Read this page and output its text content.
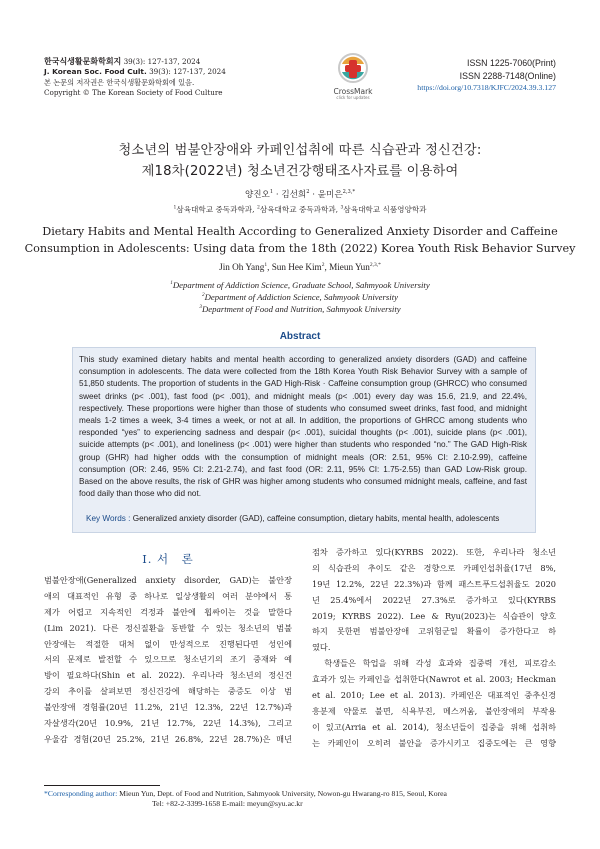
한국식생활문화학회지 39(3): 127-137, 2024
J. Korean Soc. Food Cult. 39(3): 127-137, 2024
본 논문의 저작권은 한국식생활문화학회에 있음.
Copyright © The Korean Society of Food Culture	CrossMark
click for updates
ISSN 1225-7060(Print)
ISSN 2288-7148(Online)
https://doi.org/10.7318/KJFC/2024.39.3.127
청소년의 범불안장애와 카페인섭취에 따른 식습관과 정신건강:
제18차(2022년) 청소년건강행태조사자료를 이용하여
양진오$^1$ · 김선희$^2$ · 윤미은$^{2,3,*}$
$^1$삼육대학교 중독과학과, $^2$삼육대학교 중독과학과, $^3$삼육대학교 식품영양학과
Dietary Habits and Mental Health According to Generalized Anxiety Disorder and Caffeine
Consumption in Adolescents: Using data from the 18th (2022) Korea Youth Risk Behavior Survey
Jin Oh Yang$^1$, Sun Hee Kim$^2$, Mieun Yun$^{2,3,*}$
$^1$Department of Addiction Science, Graduate School, Sahmyook University
$^2$Department of Addiction Science, Sahmyook University
$^3$Department of Food and Nutrition, Sahmyook University
Abstract
This study examined dietary habits and mental health according to generalized anxiety disorders (GAD) and caffeine
consumption in adolescents. The data were collected from the 18th Korea Youth Risk Behavior Survey with a sample of
51,850 students. The proportion of students in the GAD High-Risk · Caffeine consumption group (GHRCC) who consumed
sweet drinks (p< .001), fast food (p< .001), and midnight meals (p< .001) every day was 15.6, 21.9, and 22.4%,
respectively. These proportions were higher than those of students who consumed sweet drinks, fast food, and midnight
meals 1-2 times a week, 3-4 times a week, or not at all. In addition, the proportions of GHRCC among students who
responded “yes” to experiencing sadness and despair (p< .001), suicidal thoughts (p< .001), suicide plans (p< .001),
suicide attempts (p< .001), and loneliness (p< .001) were higher than students who responded “no.” The GAD High-Risk
group (GHR) had higher odds with the consumption of midnight meals (OR: 2.51, 95% CI: 2.10-2.99), caffeine
consumption (OR: 2.46, 95% CI: 2.21-2.74), and fast food (OR: 2.11, 95% CI: 1.75-2.55) than GAD Low-Risk group.
Based on the above results, the risk of GHR was higher among students who consumed midnight meals, caffeine, and fast
food daily than those who did not.
Key Words : Generalized anxiety disorder (GAD), caffeine consumption, dietary habits, mental health, adolescents
Ⅰ. 서　론
범불안장애(Generalized anxiety disorder, GAD)는 불안장
애의 대표적인 유형 중 하나로 일상생활의 여러 분야에서 통
제가 어렵고 지속적인 걱정과 불안에 휩싸이는 것을 말한다
(Lim 2021). 다른 정신질환을 동반할 수 있는 청소년의 범불
안장애는 적절한 대처 없이 만성적으로 진행된다면 성인에
서의 문제로 발전할 수 있으므로 청소년기의 조기 중재와 예
방이 필요하다(Shin et al. 2022). 우리나라 청소년의 정신건
강의 추이를 살펴보면 정신건강에 해당하는 중증도 이상 범
불안장애 경험률(20년 11.2%, 21년 12.3%, 22년 12.7%)과
자살생각(20년 10.9%, 21년 12.7%, 22년 14.3%), 그리고
우울감 경험(20년 25.2%, 21년 26.8%, 22년 28.7%)은 매년
점차 증가하고 있다(KYRBS 2022). 또한, 우리나라 청소년
의 식습관의 추이도 같은 경향으로 카페인섭취율(17년 8%,
19년 12.2%, 22년 22.3%)과 함께 패스트푸드섭취율도 2020
년 25.4%에서 2022년 27.3%로 증가하고 있다(KYRBS
2019; KYRBS 2022). Lee & Ryu(2023)는 식습관이 양호
하지 못한편 범불안장애 고위험군일 확률이 증가한다고 하
였다.
　학생들은 학업을 위해 각성 효과와 집중력 개선, 피로감소
효과가 있는 카페인을 섭취한다(Nawrot et al. 2003; Heckman
et al. 2010; Lee et al. 2013). 카페인은 대표적인 중추신경
흥분제 약물로 불면, 식욕부진, 메스꺼움, 불안장애의 부작용
이 있고(Arria et al. 2014), 청소년들이 집중을 위해 섭취하
는 카페인이 오히려 불안을 증가시키고 집중도에는 큰 영향
*Corresponding author: Mieun Yun, Dept. of Food and Nutrition, Sahmyook University, Nowon-gu Hwarang-ro 815, Seoul, Korea
Tel: +82-2-3399-1658 E-mail: meyun@syu.ac.kr
